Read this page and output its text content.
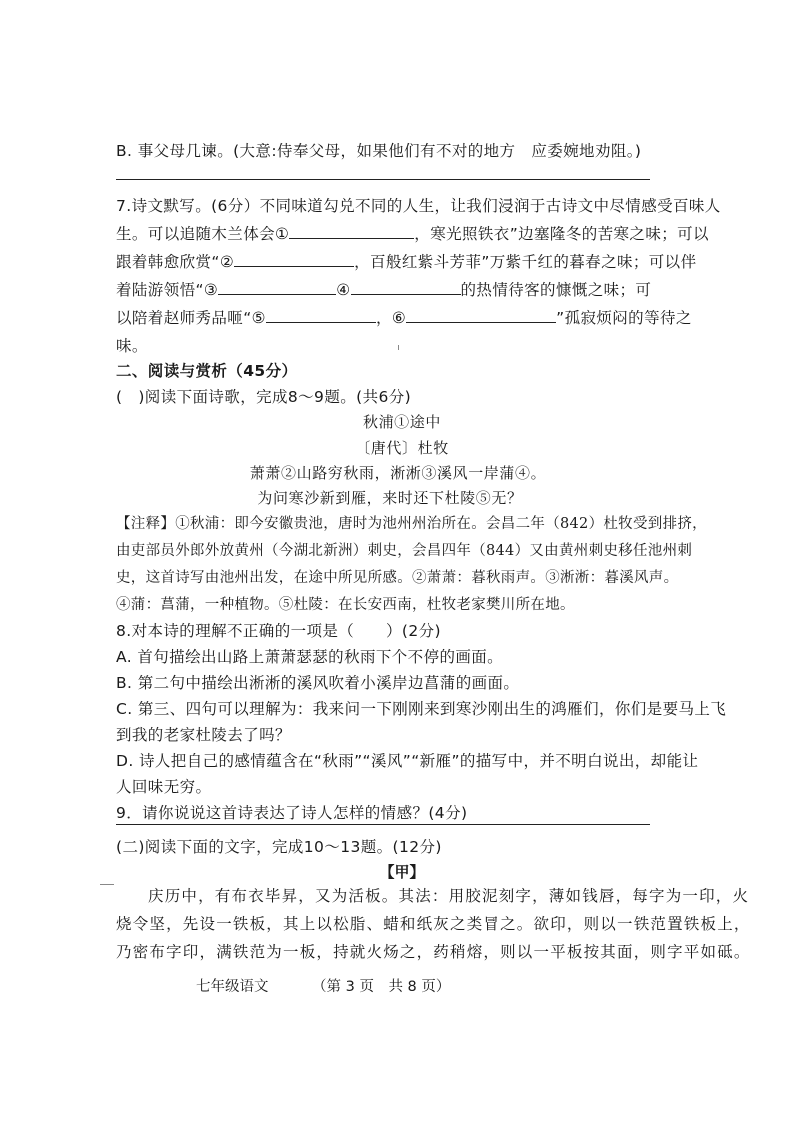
B. 事父母几谏。(大意:侍奉父母，如果他们有不对的地方　应委婉地劝阻。)
7.诗文默写。(6分）不同味道勾兑不同的人生，让我们浸润于古诗文中尽情感受百味人
生。可以追随木兰体会①	，寒光照铁衣”边塞隆冬的苦寒之味；可以
跟着韩愈欣赏“②	，百般红紫斗芳菲”万紫千红的暮春之味；可以伴
着陆游领悟“③	④	的热情待客的慷慨之味；可
以陪着赵师秀品咂“⑤	，⑥	”孤寂烦闷的等待之
味。
二、阅读与赏析（45分）
(　)阅读下面诗歌，完成8～9题。(共6分)
秋浦①途中
〔唐代〕杜牧
萧萧②山路穷秋雨，淅淅③溪风一岸蒲④。
为问寒沙新到雁，来时还下杜陵⑤无？
【注释】①秋浦：即今安徽贵池，唐时为池州州治所在。会昌二年（842）杜牧受到排挤，
由吏部员外郎外放黄州（今湖北新洲）刺史，会昌四年（844）又由黄州刺史移任池州刺
史，这首诗写由池州出发，在途中所见所感。②萧萧：暮秋雨声。③淅淅：暮溪风声。
④蒲：菖蒲，一种植物。⑤杜陵：在长安西南，杜牧老家樊川所在地。
8.对本诗的理解不正确的一项是（　　）(2分)
A. 首句描绘出山路上萧萧瑟瑟的秋雨下个不停的画面。
B. 第二句中描绘出淅淅的溪风吹着小溪岸边菖蒲的画面。
C. 第三、四句可以理解为：我来问一下刚刚来到寒沙刚出生的鸿雁们，你们是要马上飞
到我的老家杜陵去了吗？
D. 诗人把自己的感情蕴含在“秋雨”“溪风”“新雁”的描写中，并不明白说出，却能让
人回味无穷。
9．请你说说这首诗表达了诗人怎样的情感？(4分)
(二)阅读下面的文字，完成10～13题。(12分)
【甲】
庆历中，有布衣毕昇，又为活板。其法：用胶泥刻字，薄如钱唇，每字为一印，火
烧令坚，先设一铁板，其上以松脂、蜡和纸灰之类冒之。欲印，则以一铁范置铁板上，
乃密布字印，满铁范为一板，持就火炀之，药稍熔，则以一平板按其面，则字平如砥。
七年级语文	（第 3 页　共 8 页）
